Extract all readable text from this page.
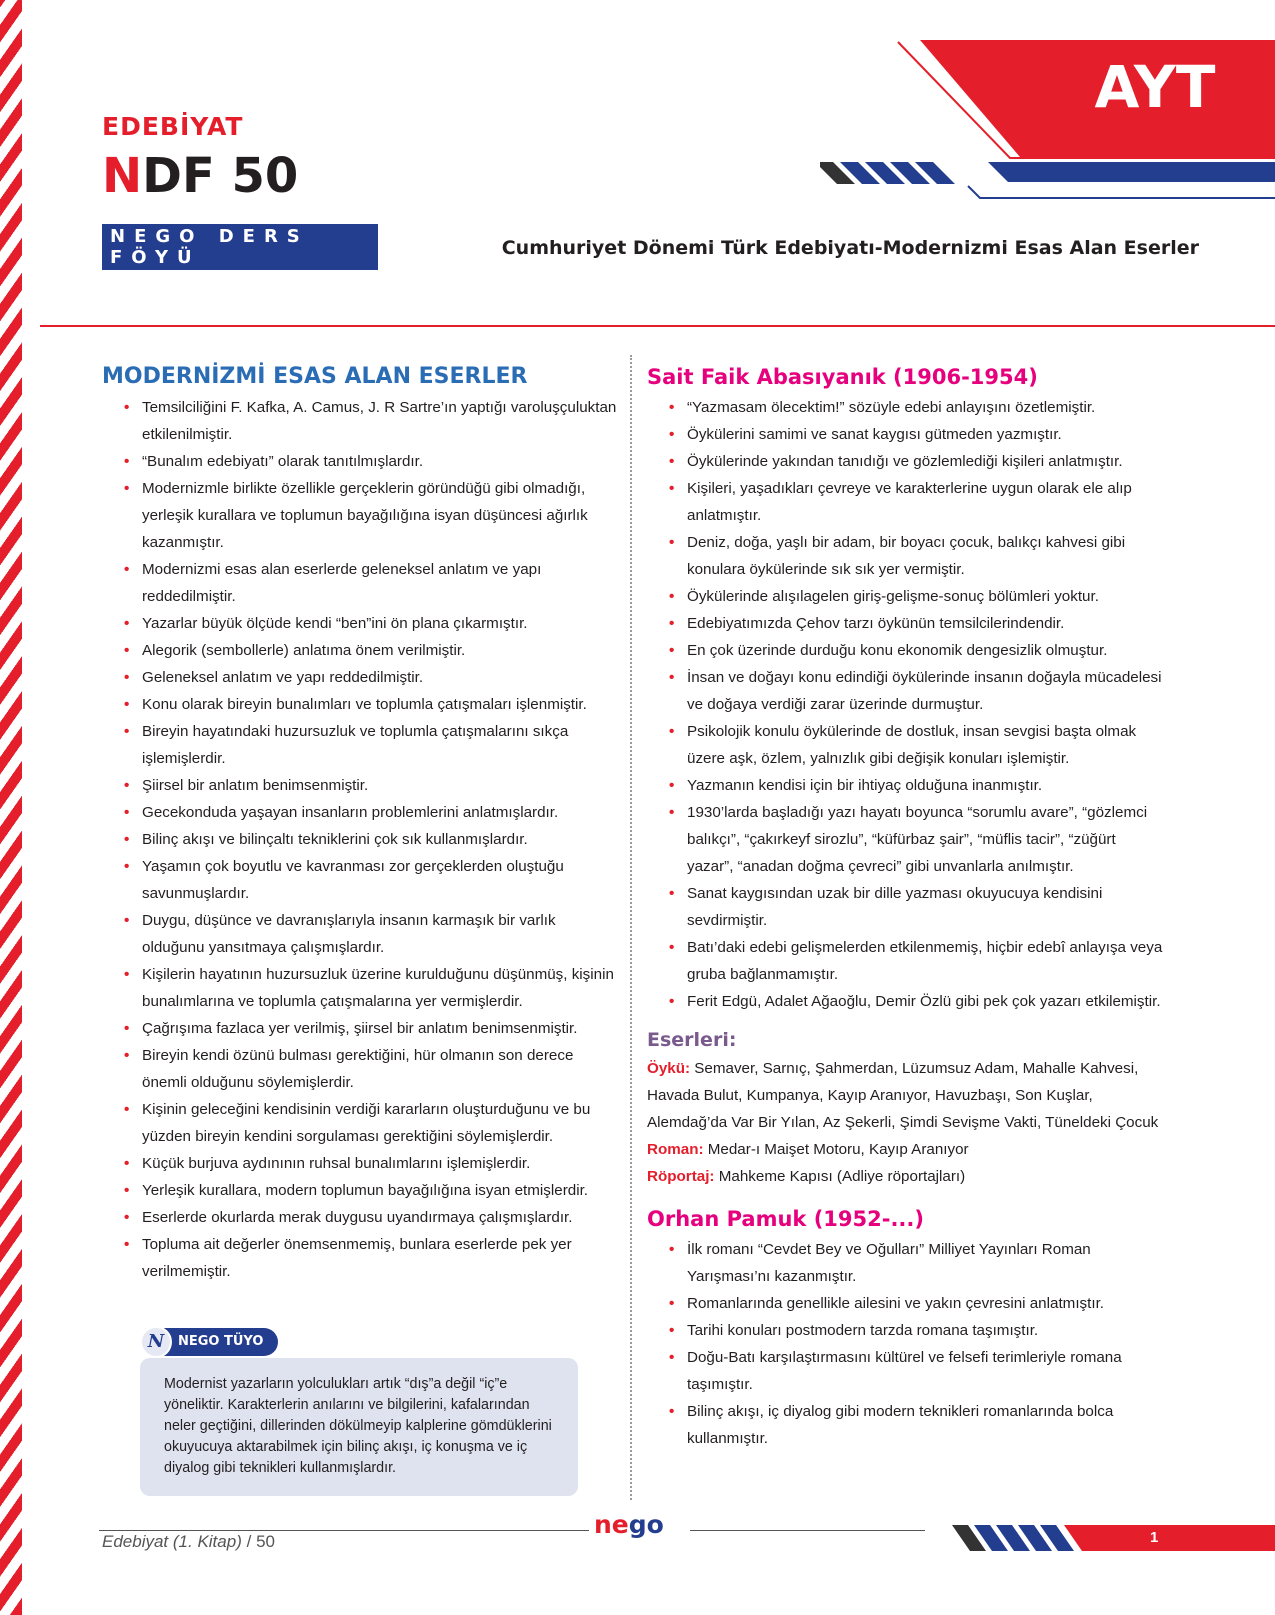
EDEBİYAT
NDF 50
NEGO DERS FÖYÜ
AYT
Cumhuriyet Dönemi Türk Edebiyatı-Modernizmi Esas Alan Eserler
MODERNİZMİ ESAS ALAN ESERLER
• Temsilciliğini F. Kafka, A. Camus, J. R Sartre’ın yaptığı varoluşçuluktan etkilenilmiştir.
• “Bunalım edebiyatı” olarak tanıtılmışlardır.
• Modernizmle birlikte özellikle gerçeklerin göründüğü gibi olmadığı, yerleşik kurallara ve toplumun bayağılığına isyan düşüncesi ağırlık kazanmıştır.
• Modernizmi esas alan eserlerde geleneksel anlatım ve yapı reddedilmiştir.
• Yazarlar büyük ölçüde kendi “ben”ini ön plana çıkarmıştır.
• Alegorik (sembollerle) anlatıma önem verilmiştir.
• Geleneksel anlatım ve yapı reddedilmiştir.
• Konu olarak bireyin bunalımları ve toplumla çatışmaları işlenmiştir.
• Bireyin hayatındaki huzursuzluk ve toplumla çatışmalarını sıkça işlemişlerdir.
• Şiirsel bir anlatım benimsenmiştir.
• Gecekonduda yaşayan insanların problemlerini anlatmışlardır.
• Bilinç akışı ve bilinçaltı tekniklerini çok sık kullanmışlardır.
• Yaşamın çok boyutlu ve kavranması zor gerçeklerden oluştuğu savunmuşlardır.
• Duygu, düşünce ve davranışlarıyla insanın karmaşık bir varlık olduğunu yansıtmaya çalışmışlardır.
• Kişilerin hayatının huzursuzluk üzerine kurulduğunu düşünmüş, kişinin bunalımlarına ve toplumla çatışmalarına yer vermişlerdir.
• Çağrışıma fazlaca yer verilmiş, şiirsel bir anlatım benimsenmiştir.
• Bireyin kendi özünü bulması gerektiğini, hür olmanın son derece önemli olduğunu söylemişlerdir.
• Kişinin geleceğini kendisinin verdiği kararların oluşturduğunu ve bu yüzden bireyin kendini sorgulaması gerektiğini söylemişlerdir.
• Küçük burjuva aydınının ruhsal bunalımlarını işlemişlerdir.
• Yerleşik kurallara, modern toplumun bayağılığına isyan etmişlerdir.
• Eserlerde okurlarda merak duygusu uyandırmaya çalışmışlardır.
• Topluma ait değerler önemsenmemiş, bunlara eserlerde pek yer verilmemiştir.
NEGO TÜYO
N

Modernist yazarların yolculukları artık “dış”a değil “iç”e yöneliktir. Karakterlerin anılarını ve bilgilerini, kafalarından neler geçtiğini, dillerinden dökülmeyip kalplerine gömdüklerini okuyucuya aktarabilmek için bilinç akışı, iç konuşma ve iç diyalog gibi teknikleri kullanmışlardır.

Sait Faik Abasıyanık (1906-1954)
• “Yazmasam ölecektim!” sözüyle edebi anlayışını özetlemiştir.
• Öykülerini samimi ve sanat kaygısı gütmeden yazmıştır.
• Öykülerinde yakından tanıdığı ve gözlemlediği kişileri anlatmıştır.
• Kişileri, yaşadıkları çevreye ve karakterlerine uygun olarak ele alıp anlatmıştır.
• Deniz, doğa, yaşlı bir adam, bir boyacı çocuk, balıkçı kahvesi gibi konulara öykülerinde sık sık yer vermiştir.
• Öykülerinde alışılagelen giriş-gelişme-sonuç bölümleri yoktur.
• Edebiyatımızda Çehov tarzı öykünün temsilcilerindendir.
• En çok üzerinde durduğu konu ekonomik dengesizlik olmuştur.
• İnsan ve doğayı konu edindiği öykülerinde insanın doğayla mücadelesi ve doğaya verdiği zarar üzerinde durmuştur.
• Psikolojik konulu öykülerinde de dostluk, insan sevgisi başta olmak üzere aşk, özlem, yalnızlık gibi değişik konuları işlemiştir.
• Yazmanın kendisi için bir ihtiyaç olduğuna inanmıştır.
• 1930’larda başladığı yazı hayatı boyunca “sorumlu avare”, “gözlemci balıkçı”, “çakırkeyf sirozlu”, “küfürbaz şair”, “müflis tacir”, “züğürt yazar”, “anadan doğma çevreci” gibi unvanlarla anılmıştır.
• Sanat kaygısından uzak bir dille yazması okuyucuya kendisini sevdirmiştir.
• Batı’daki edebi gelişmelerden etkilenmemiş, hiçbir edebî anlayışa veya gruba bağlanmamıştır.
• Ferit Edgü, Adalet Ağaoğlu, Demir Özlü gibi pek çok yazarı etkilemiştir.
Eserleri:

Öykü: Semaver, Sarnıç, Şahmerdan, Lüzumsuz Adam, Mahalle Kahvesi, Havada Bulut, Kumpanya, Kayıp Aranıyor, Havuzbaşı, Son Kuşlar, Alemdağ’da Var Bir Yılan, Az Şekerli, Şimdi Sevişme Vakti, Tüneldeki Çocuk

Roman: Medar-ı Maişet Motoru, Kayıp Aranıyor

Röportaj: Mahkeme Kapısı (Adliye röportajları)

Orhan Pamuk (1952-...)
• İlk romanı “Cevdet Bey ve Oğulları” Milliyet Yayınları Roman Yarışması’nı kazanmıştır.
• Romanlarında genellikle ailesini ve yakın çevresini anlatmıştır.
• Tarihi konuları postmodern tarzda romana taşımıştır.
• Doğu-Batı karşılaştırmasını kültürel ve felsefi terimleriyle romana taşımıştır.
• Bilinç akışı, iç diyalog gibi modern teknikleri romanlarında bolca kullanmıştır.
Edebiyat (1. Kitap) / 50
nego	1
